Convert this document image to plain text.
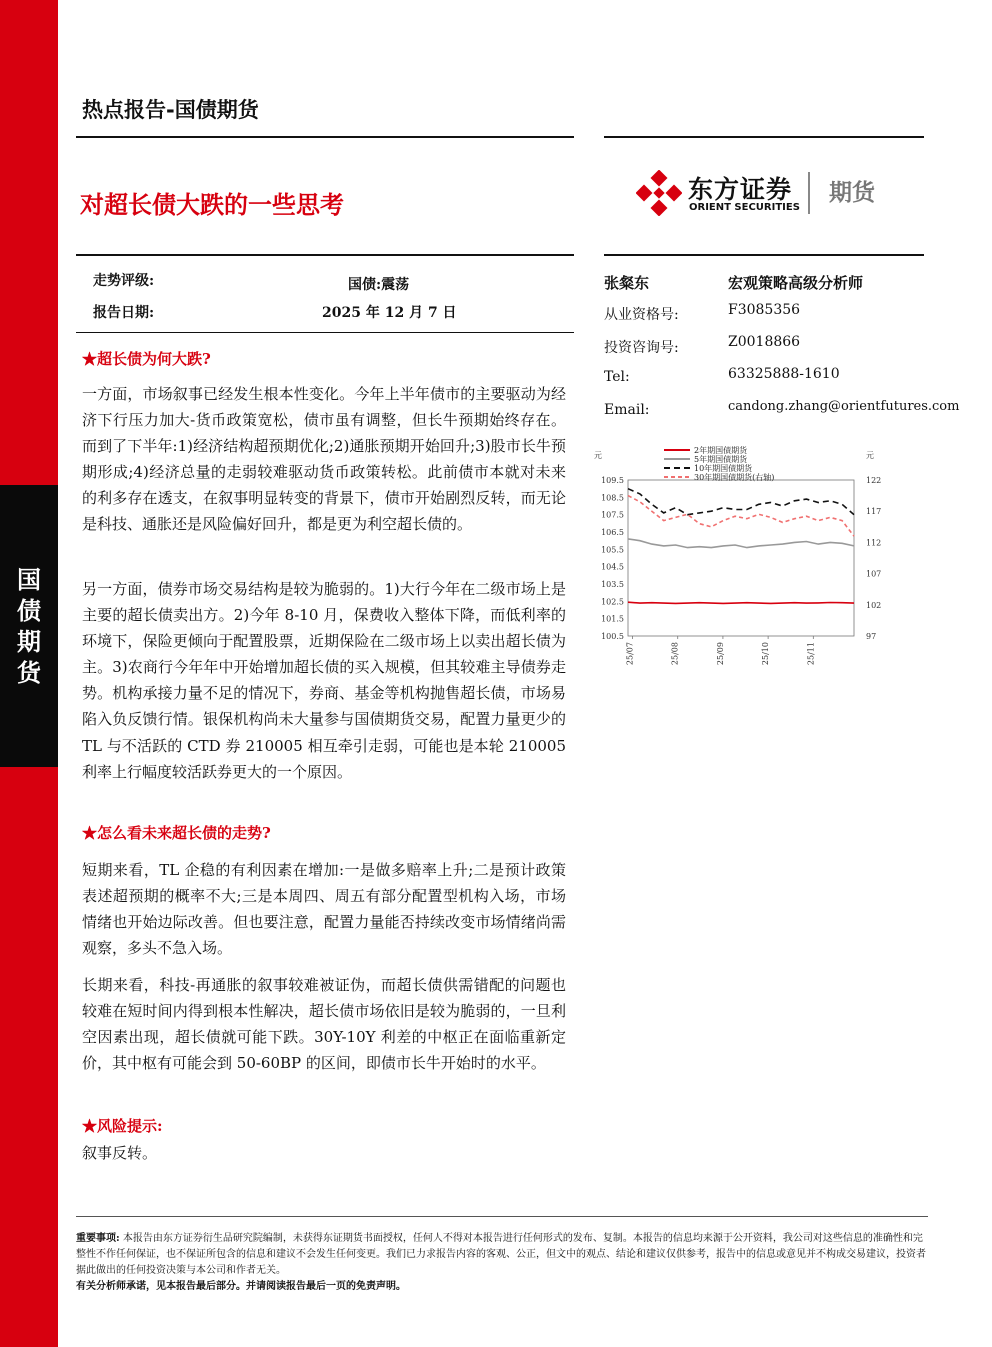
国
债
期
货
热点报告-国债期货
对超长债大跌的一些思考
东方证券
ORIENT SECURITIES
期货
走势评级:	国债:震荡
报告日期:	2025 年 12 月 7 日
★超长债为何大跌?
一方面，市场叙事已经发生根本性变化。今年上半年债市的主要驱动为经济下行压力加大-货币政策宽松，债市虽有调整，但长牛预期始终存在。而到了下半年:1)经济结构超预期优化;2)通胀预期开始回升;3)股市长牛预期形成;4)经济总量的走弱较难驱动货币政策转松。此前债市本就对未来的利多存在透支，在叙事明显转变的背景下，债市开始剧烈反转，而无论是科技、通胀还是风险偏好回升，都是更为利空超长债的。
另一方面，债券市场交易结构是较为脆弱的。1)大行今年在二级市场上是主要的超长债卖出方。2)今年 8-10 月，保费收入整体下降，而低利率的环境下，保险更倾向于配置股票，近期保险在二级市场上以卖出超长债为主。3)农商行今年年中开始增加超长债的买入规模，但其较难主导债券走势。机构承接力量不足的情况下，券商、基金等机构抛售超长债，市场易陷入负反馈行情。银保机构尚未大量参与国债期货交易，配置力量更少的 TL 与不活跃的 CTD 券 210005 相互牵引走弱，可能也是本轮 210005 利率上行幅度较活跃券更大的一个原因。
★怎么看未来超长债的走势?
短期来看，TL 企稳的有利因素在增加:一是做多赔率上升;二是预计政策表述超预期的概率不大;三是本周四、周五有部分配置型机构入场，市场情绪也开始边际改善。但也要注意，配置力量能否持续改变市场情绪尚需观察，多头不急入场。
长期来看，科技-再通胀的叙事较难被证伪，而超长债供需错配的问题也较难在短时间内得到根本性解决，超长债市场依旧是较为脆弱的，一旦利空因素出现，超长债就可能下跌。30Y-10Y 利差的中枢正在面临重新定价，其中枢有可能会到 50-60BP 的区间，即债市长牛开始时的水平。
★风险提示:
叙事反转。
张粲东	宏观策略高级分析师
从业资格号:	F3085356
投资咨询号:	Z0018866
Tel:	63325888-1610
Email:	candong.zhang@orientfutures.com
109.5
108.5
107.5
106.5
105.5
104.5
103.5
102.5
101.5
100.5
122
117
112
107
102
97
元	元
25/07	25/08	25/09	25/10	25/11
2年期国债期货
5年期国债期货
10年期国债期货
30年期国债期货(右轴)
重要事项: 本报告由东方证券衍生品研究院编制，未获得东证期货书面授权，任何人不得对本报告进行任何形式的发布、复制。本报告的信息均来源于公开资料，我公司对这些信息的准确性和完整性不作任何保证，也不保证所包含的信息和建议不会发生任何变更。我们已力求报告内容的客观、公正，但文中的观点、结论和建议仅供参考，报告中的信息或意见并不构成交易建议，投资者据此做出的任何投资决策与本公司和作者无关。
有关分析师承诺，见本报告最后部分。并请阅读报告最后一页的免责声明。
